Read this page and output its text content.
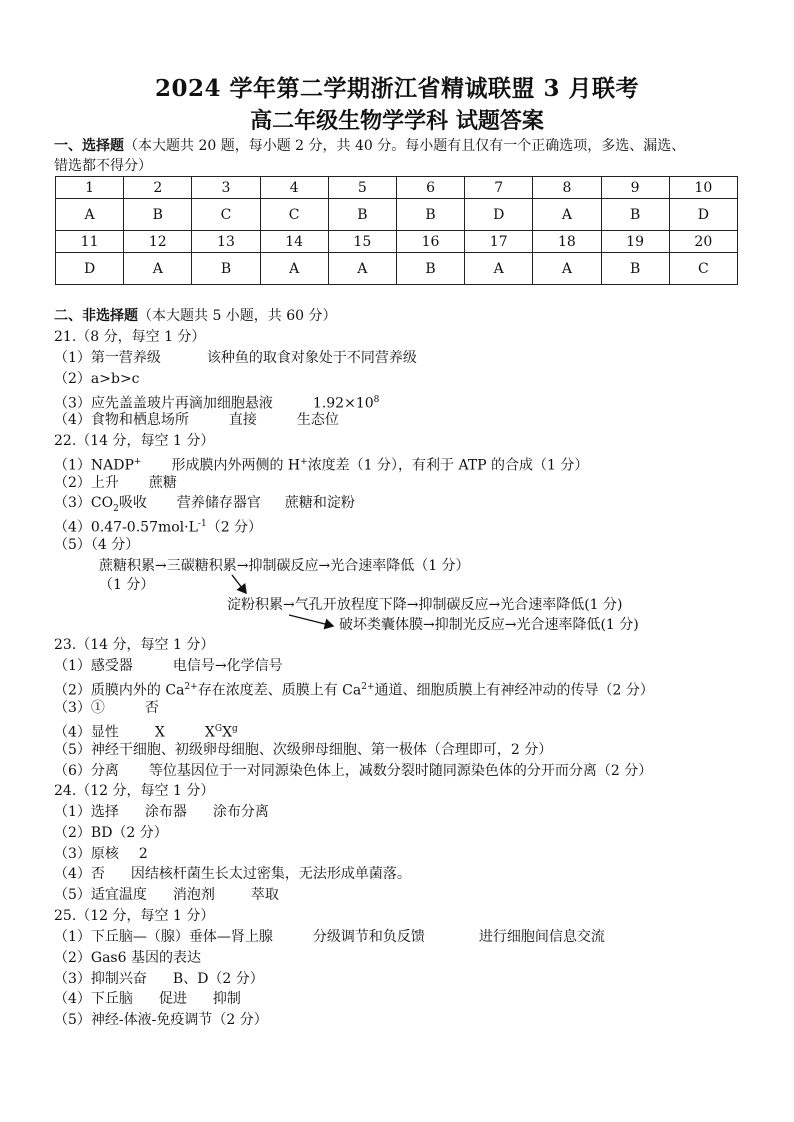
2024 学年第二学期浙江省精诚联盟 3 月联考
高二年级生物学学科 试题答案
一、选择题（本大题共 20 题，每小题 2 分，共 40 分。每小题有且仅有一个正确选项，多选、漏选、
错选都不得分）
1	2	3	4	5	6	7	8	9	10
A	B	C	C	B	B	D	A	B	D
11	12	13	14	15	16	17	18	19	20
D	A	B	A	A	B	A	A	B	C
二、非选择题（本大题共 5 小题，共 60 分）
21.（8 分，每空 1 分）
（1）第一营养级	该种鱼的取食对象处于不同营养级
（2）a>b>c
（3）应先盖盖玻片再滴加细胞悬液	$1.92\times 10^8$
（4）食物和栖息场所	直接	生态位
22.（14 分，每空 1 分）
（1）NADP+ 形成膜内外两侧的 H+浓度差（1 分），有利于 ATP 的合成（1 分）
（2）上升 蔗糖
$(3)CO_2$吸收 营养储存器官 蔗糖和淀粉
$(4)0.47-0.57mol\cdot L^{-1}(2$ 分）
（5）（4 分）
蔗糖积累→三碳糖积累→抑制碳反应→光合速率降低（1 分）
（1 分）
淀粉积累→气孔开放程度下降→抑制碳反应→光合速率降低(1 分)
破坏类囊体膜→抑制光反应→光合速率降低(1 分)
23.（14 分，每空 1 分）
（1）感受器	电信号→化学信号
（2）质膜内外的 $Ca^{2+}$存在浓度差、质膜上有 $Ca^{2+}$通道、细胞质膜上有神经冲动的传导（2 分）
（3）①	否
（4）显性	X	$X^GX^g$
（5）神经干细胞、初级卵母细胞、次级卵母细胞、第一极体（合理即可，2 分）
（6）分离 等位基因位于一对同源染色体上，减数分裂时随同源染色体的分开而分离（2 分）
24.（12 分，每空 1 分）
（1）选择 涂布器 涂布分离
（2）BD（2 分）
（3）原核 2
（4）否 因结核杆菌生长太过密集，无法形成单菌落。
（5）适宜温度 消泡剂	萃取
25.（12 分，每空 1 分）
（1）下丘脑—（腺）垂体—肾上腺	分级调节和负反馈	进行细胞间信息交流
（2）Gas6 基因的表达
（3）抑制兴奋 B、D（2 分）
（4）下丘脑 促进 抑制
（5）神经-体液-免疫调节（2 分）
